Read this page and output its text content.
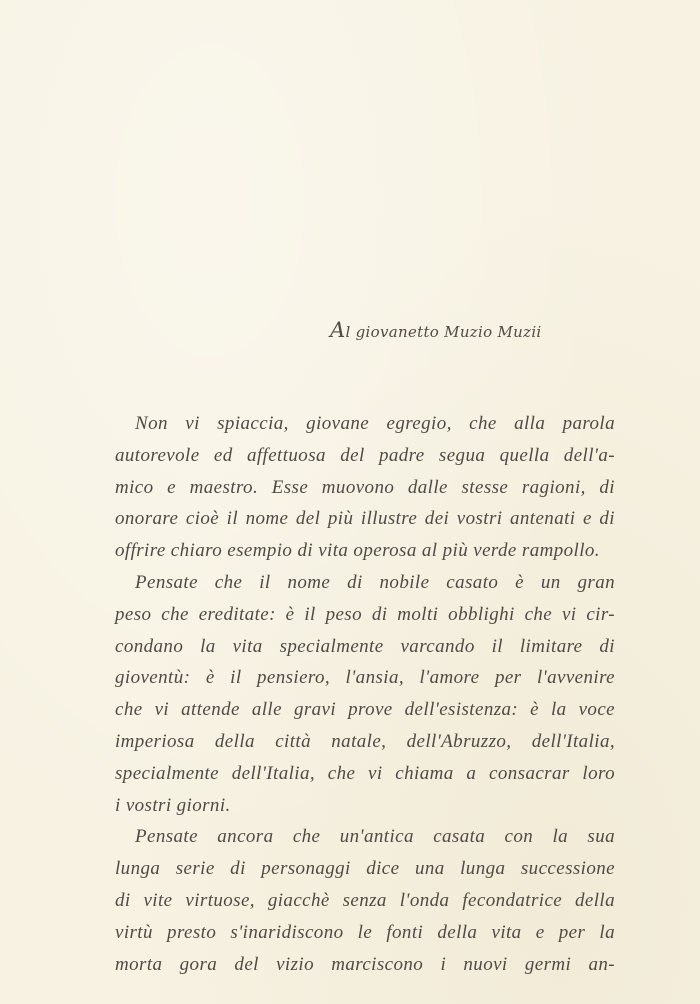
Al giovanetto Muzio Muzii
Non vi spiaccia, giovane egregio, che alla parola
autorevole ed affettuosa del padre segua quella dell'a-
mico e maestro. Esse muovono dalle stesse ragioni, di
onorare cioè il nome del più illustre dei vostri antenati e di
offrire chiaro esempio di vita operosa al più verde rampollo.
Pensate che il nome di nobile casato è un gran
peso che ereditate: è il peso di molti obblighi che vi cir-
condano la vita specialmente varcando il limitare di
gioventù: è il pensiero, l'ansia, l'amore per l'avvenire
che vi attende alle gravi prove dell'esistenza: è la voce
imperiosa della città natale, dell'Abruzzo, dell'Italia,
specialmente dell'Italia, che vi chiama a consacrar loro
i vostri giorni.
Pensate ancora che un'antica casata con la sua
lunga serie di personaggi dice una lunga successione
di vite virtuose, giacchè senza l'onda fecondatrice della
virtù presto s'inaridiscono le fonti della vita e per la
morta gora del vizio marciscono i nuovi germi an-
